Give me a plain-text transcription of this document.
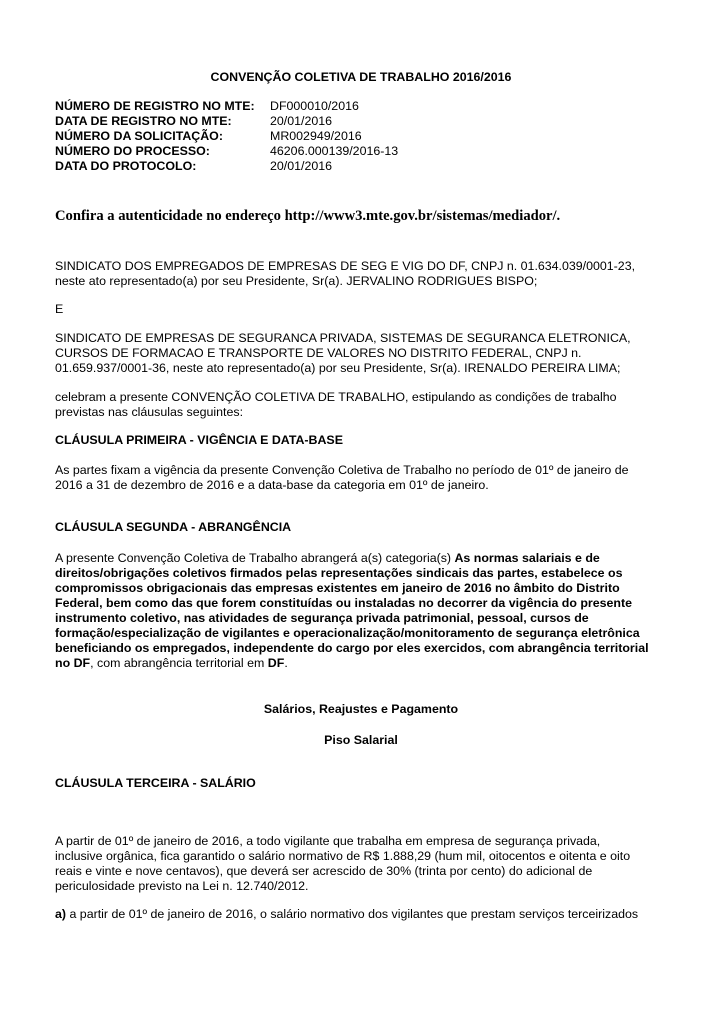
CONVENÇÃO COLETIVA DE TRABALHO 2016/2016
NÚMERO DE REGISTRO NO MTE:	DF000010/2016
DATA DE REGISTRO NO MTE:	20/01/2016
NÚMERO DA SOLICITAÇÃO:	MR002949/2016
NÚMERO DO PROCESSO:	46206.000139/2016-13
DATA DO PROTOCOLO:	20/01/2016
Confira a autenticidade no endereço http://www3.mte.gov.br/sistemas/mediador/.
SINDICATO DOS EMPREGADOS DE EMPRESAS DE SEG E VIG DO DF, CNPJ n. 01.634.039/0001-23,
neste ato representado(a) por seu Presidente, Sr(a). JERVALINO RODRIGUES BISPO;
E
SINDICATO DE EMPRESAS DE SEGURANCA PRIVADA, SISTEMAS DE SEGURANCA ELETRONICA,
CURSOS DE FORMACAO E TRANSPORTE DE VALORES NO DISTRITO FEDERAL, CNPJ n.
01.659.937/0001-36, neste ato representado(a) por seu Presidente, Sr(a). IRENALDO PEREIRA LIMA;
celebram a presente CONVENÇÃO COLETIVA DE TRABALHO, estipulando as condições de trabalho
previstas nas cláusulas seguintes:
CLÁUSULA PRIMEIRA - VIGÊNCIA E DATA-BASE
As partes fixam a vigência da presente Convenção Coletiva de Trabalho no período de 01º de janeiro de
2016 a 31 de dezembro de 2016 e a data-base da categoria em 01º de janeiro.
CLÁUSULA SEGUNDA - ABRANGÊNCIA
A presente Convenção Coletiva de Trabalho abrangerá a(s) categoria(s) As normas salariais e de
direitos/obrigações coletivos firmados pelas representações sindicais das partes, estabelece os
compromissos obrigacionais das empresas existentes em janeiro de 2016 no âmbito do Distrito
Federal, bem como das que forem constituídas ou instaladas no decorrer da vigência do presente
instrumento coletivo, nas atividades de segurança privada patrimonial, pessoal, cursos de
formação/especialização de vigilantes e operacionalização/monitoramento de segurança eletrônica
beneficiando os empregados, independente do cargo por eles exercidos, com abrangência territorial
no DF, com abrangência territorial em DF.
Salários, Reajustes e Pagamento
Piso Salarial
CLÁUSULA TERCEIRA - SALÁRIO
A partir de 01º de janeiro de 2016, a todo vigilante que trabalha em empresa de segurança privada,
inclusive orgânica, fica garantido o salário normativo de R$ 1.888,29 (hum mil, oitocentos e oitenta e oito
reais e vinte e nove centavos), que deverá ser acrescido de 30% (trinta por cento) do adicional de
periculosidade previsto na Lei n. 12.740/2012.
a) a partir de 01º de janeiro de 2016, o salário normativo dos vigilantes que prestam serviços terceirizados
